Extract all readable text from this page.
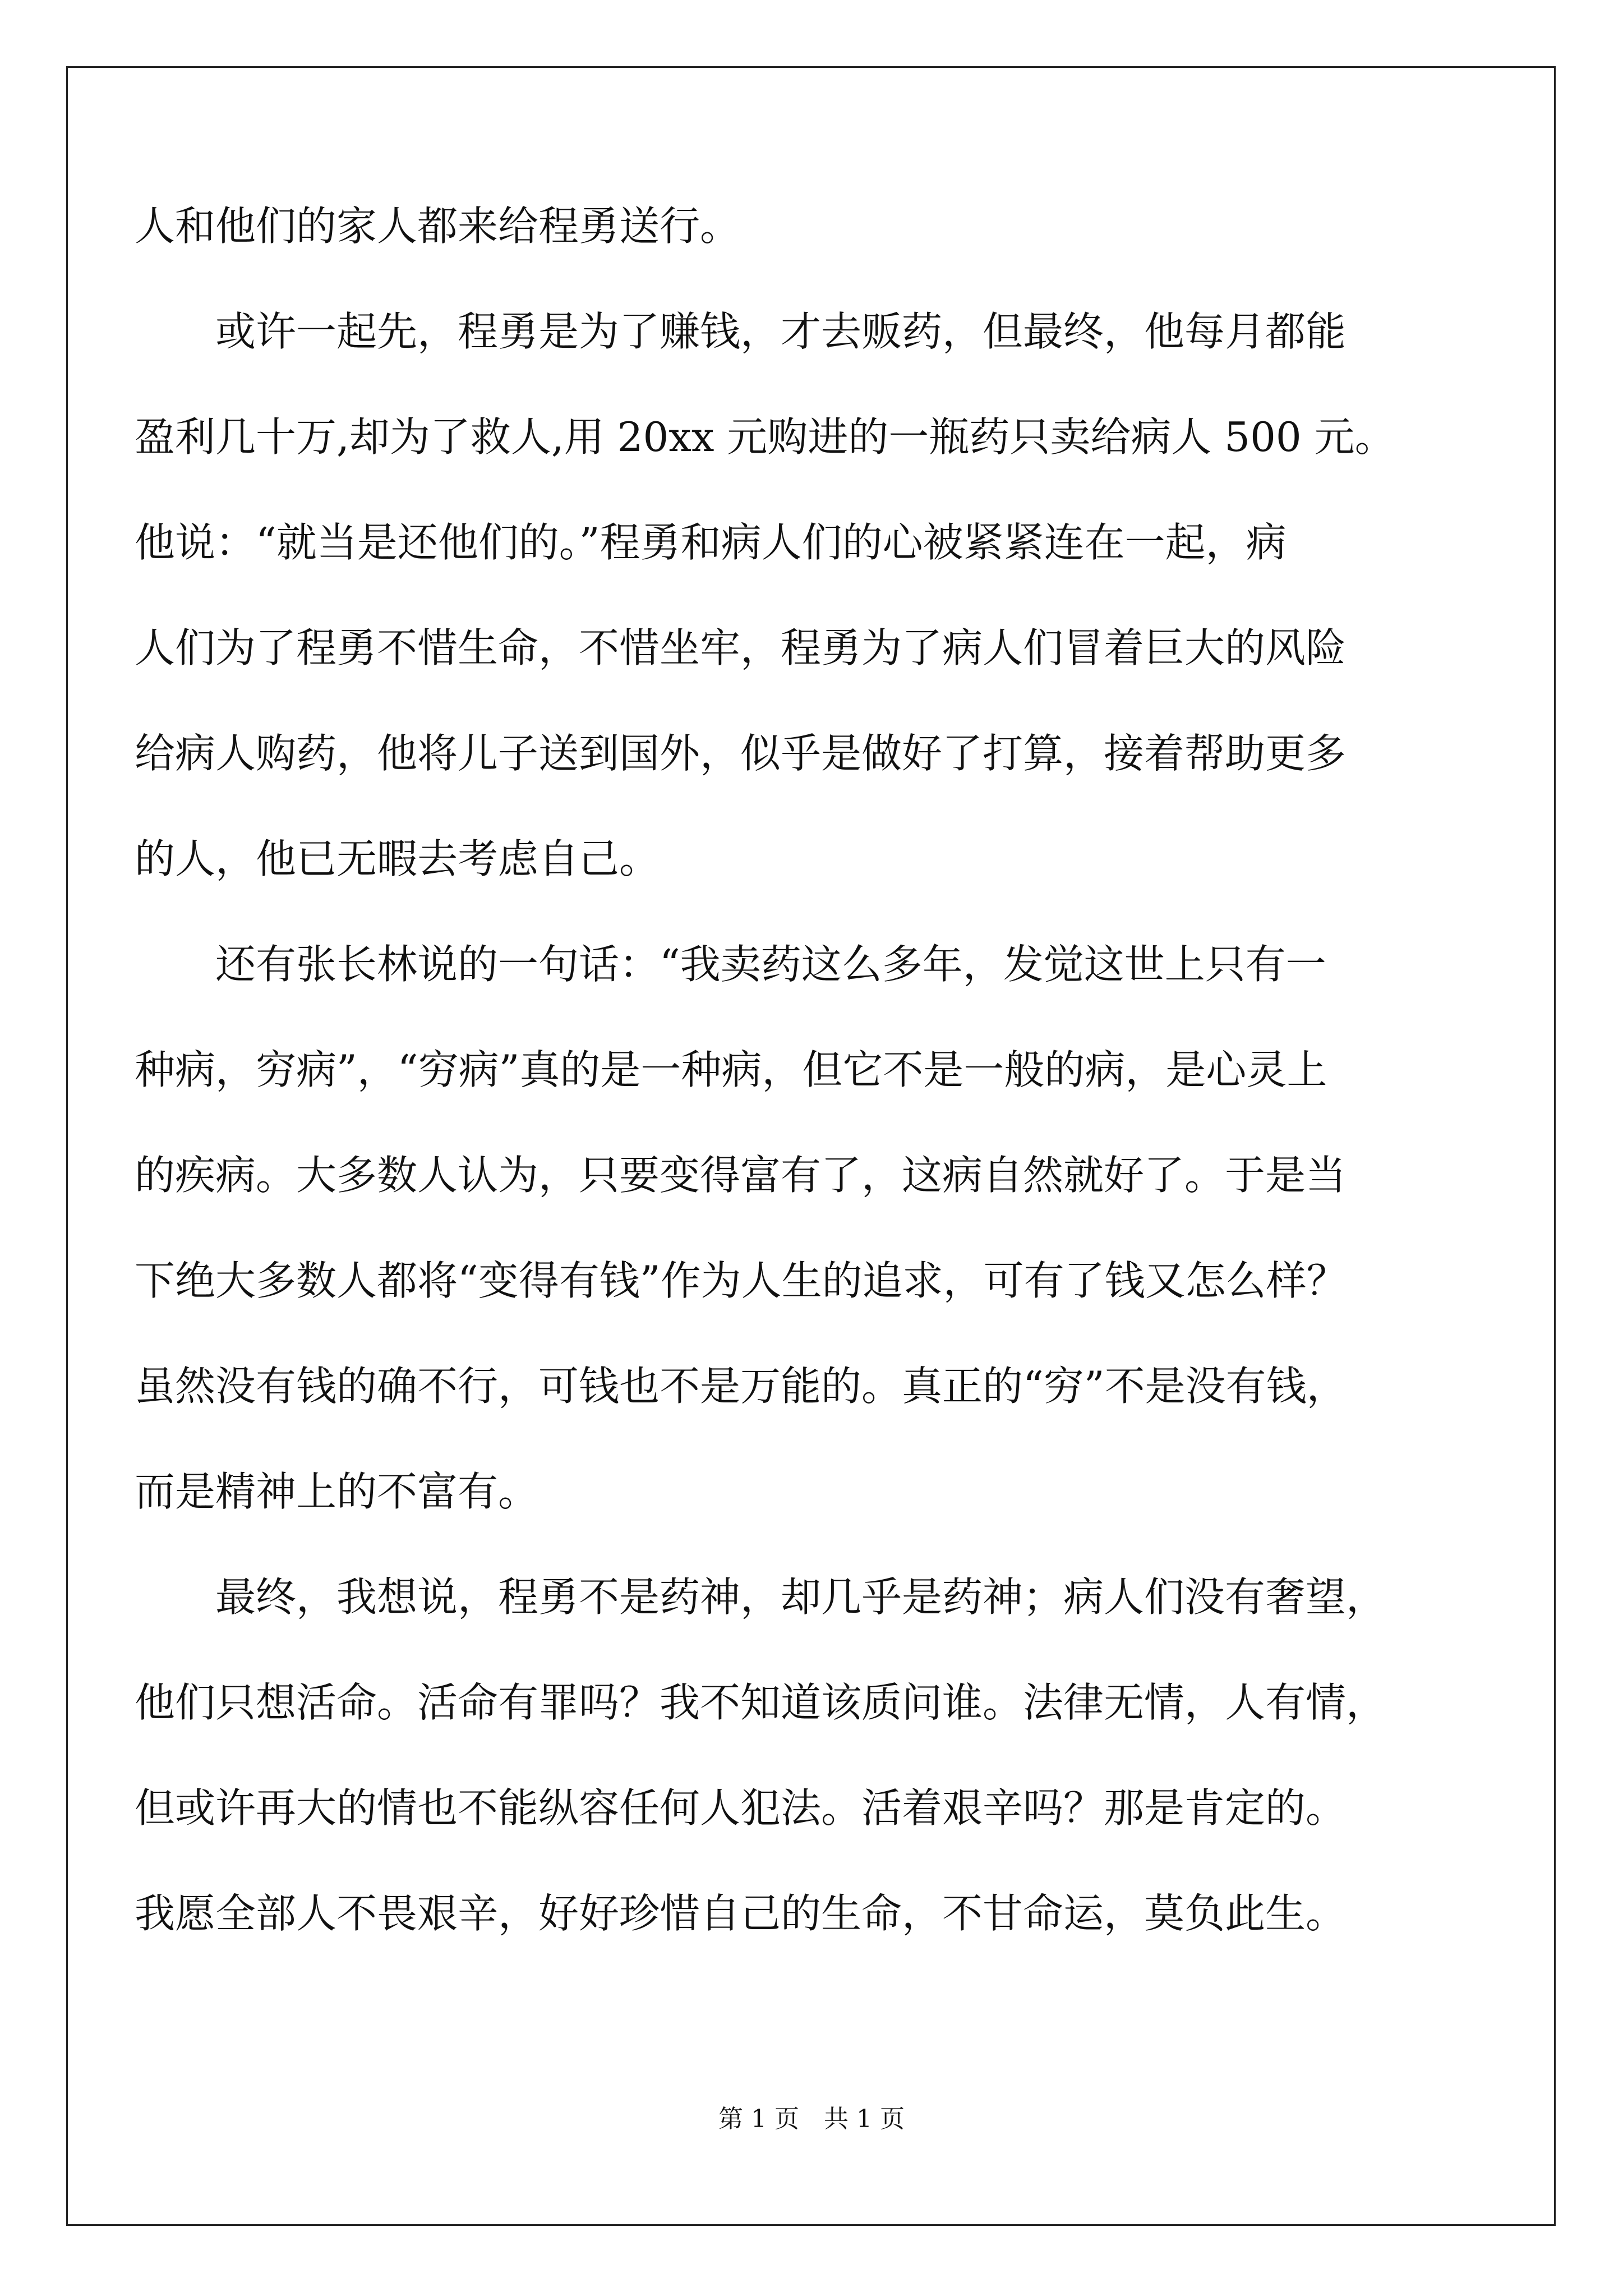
人和他们的家人都来给程勇送行。
或许一起先，程勇是为了赚钱，才去贩药，但最终，他每月都能
盈利几十万,却为了救人,用 20xx 元购进的一瓶药只卖给病人 500 元。
他说：“就当是还他们的。”程勇和病人们的心被紧紧连在一起，病
人们为了程勇不惜生命，不惜坐牢，程勇为了病人们冒着巨大的风险
给病人购药，他将儿子送到国外，似乎是做好了打算，接着帮助更多
的人，他已无暇去考虑自己。
还有张长林说的一句话：“我卖药这么多年，发觉这世上只有一
种病，穷病”，“穷病”真的是一种病，但它不是一般的病，是心灵上
的疾病。大多数人认为，只要变得富有了，这病自然就好了。于是当
下绝大多数人都将“变得有钱”作为人生的追求，可有了钱又怎么样？
虽然没有钱的确不行，可钱也不是万能的。真正的“穷”不是没有钱，
而是精神上的不富有。
最终，我想说，程勇不是药神，却几乎是药神；病人们没有奢望，
他们只想活命。活命有罪吗？我不知道该质问谁。法律无情，人有情，
但或许再大的情也不能纵容任何人犯法。活着艰辛吗？那是肯定的。
我愿全部人不畏艰辛，好好珍惜自己的生命，不甘命运，莫负此生。
第 1 页　共 1 页
